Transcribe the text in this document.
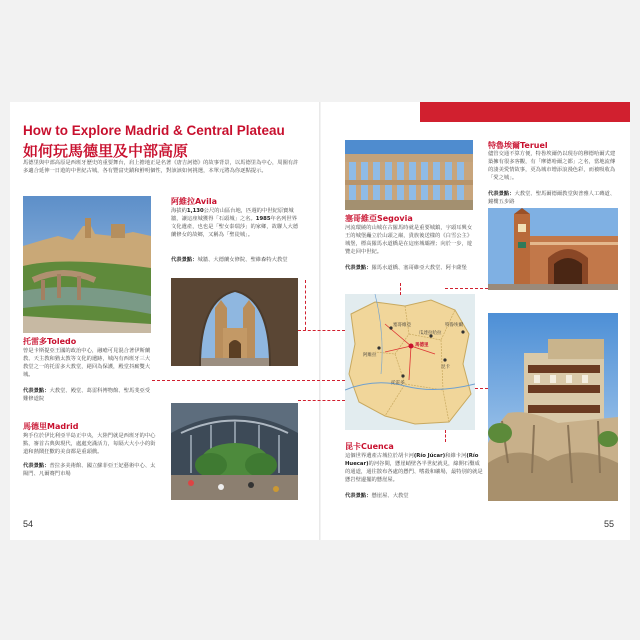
How to Explore Madrid & Central Plateau
如何玩馬德里及中部高原
馬德里與中部高原是西班牙歷史的重要舞台，肩上擔地正是名著《唐吉訶德》的故事背景，以馬德里為中心，周圍有許多適合延伸一日遊的中世紀古城，各有豐富史蹟和鮮明個性，對該該如何挑選，本單元將為你逐點提示。
托雷多Toledo
曾是卡斯提亞王國的政治中心，融嗆可見混合著伊斯蘭教、天主教和猶太教等文化的遺跡，城內有西班牙三大教堂之一的托雷多大教堂，絕回為保護，殿堂抖廝雙大城。
代表景點：大教堂、殿堂、葛雷科博物館、聖馬斐亞受難修道院
馬德里Madrid
夠手位於伊比利亞半島正中央，大陸門就是西班牙的中心點，審首古典與現代，處處充滿活力，每隔大大小小的街道和熱鬧狂歡的美食都是重頭戲。
代表景點：普拉多美術館、國立蘇菲亞王妃藝術中心、太陽門、凡爾賽門市場
阿維拉Avila
海拔約1,130公尺的山區台地，匹週的中世紀原寶城牆，讓這座城獲得「石頭城」之名。1985年名列世界文化遺產，也也是「聖女泰瑞莎」的家鄉，故聯人大德蘭修女的故鄉，又稱為「聖徒城」。
代表景點：城牆、大德蘭女修院、聖維森特大教堂
塞哥維亞Segovia
河流環繞的山城在古羅馬時就是重要城鎮，宇頭耳興女王的城堡矗立於山頭之巔，貴族後送樣的《白雪公主》城堡，標高羅馬水道橋是在這座城壩裡；向於一步，遊覽走回中世紀。
代表景點：羅馬水道橋、塞哥維亞大教堂、阿卡薩堡
塞哥維亞
馬德里
阿維拉
托雷多
昆卡
特魯埃爾
瓜達拉哈拉
昆卡Cuenca
這個世界遺產古城位於胡卡河(Río Júcar)和維卡河(Río Huecar)的河谷間，懸崖峭壁各半世紀就見，綠開石鑿成的通道，通往散布各處的懸門、嗜殺和礦場，最特別的就是懸岩壁邊擺的懸崖屋。
代表景點：懸崖屋、大教堂
特魯埃爾Teruel
儘管交通不算方便，特魯埃爾仍以現存的穆德哈爾式建築擁有很多客觀，有「摩德哈爾之都」之名，當地流傳的淒美愛情故事，更為城市增添浪漫色彩，而被吸收為「愛之城」。
代表景點：大教堂、聖馬爾德爾教堂與普雅人工磚道、鐘樓五步路
54	55
